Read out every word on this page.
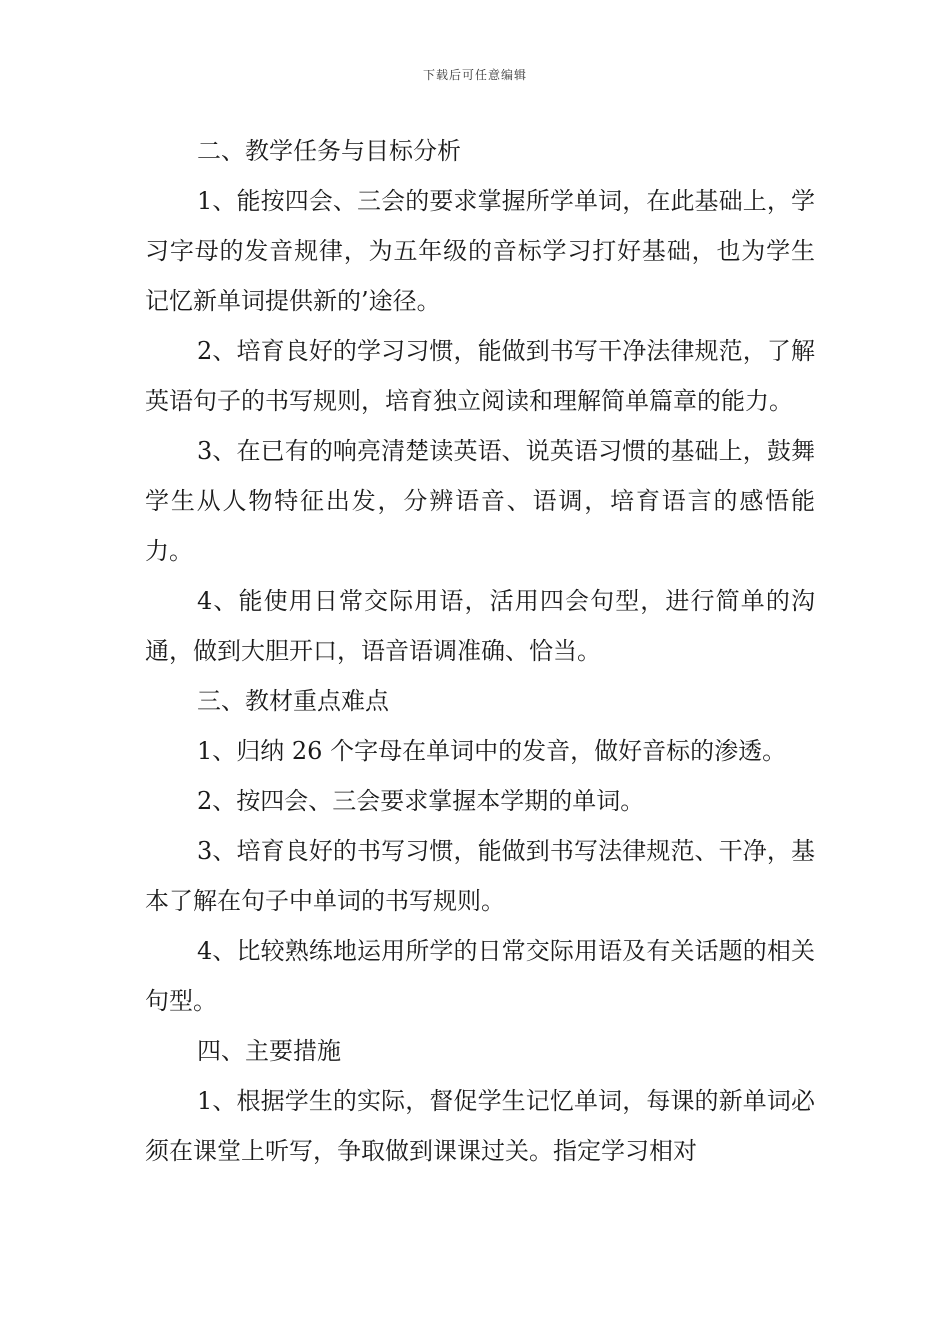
下载后可任意编辑

二、教学任务与目标分析

1、能按四会、三会的要求掌握所学单词，在此基础上，学习字母的发音规律，为五年级的音标学习打好基础，也为学生记忆新单词提供新的’途径。

2、培育良好的学习习惯，能做到书写干净法律规范，了解英语句子的书写规则，培育独立阅读和理解简单篇章的能力。

3、在已有的响亮清楚读英语、说英语习惯的基础上，鼓舞学生从人物特征出发，分辨语音、语调，培育语言的感悟能力。

4、能使用日常交际用语，活用四会句型，进行简单的沟通，做到大胆开口，语音语调准确、恰当。

三、教材重点难点

1、归纳 26 个字母在单词中的发音，做好音标的渗透。

2、按四会、三会要求掌握本学期的单词。

3、培育良好的书写习惯，能做到书写法律规范、干净，基本了解在句子中单词的书写规则。

4、比较熟练地运用所学的日常交际用语及有关话题的相关句型。

四、主要措施

1、根据学生的实际，督促学生记忆单词，每课的新单词必须在课堂上听写，争取做到课课过关。指定学习相对
